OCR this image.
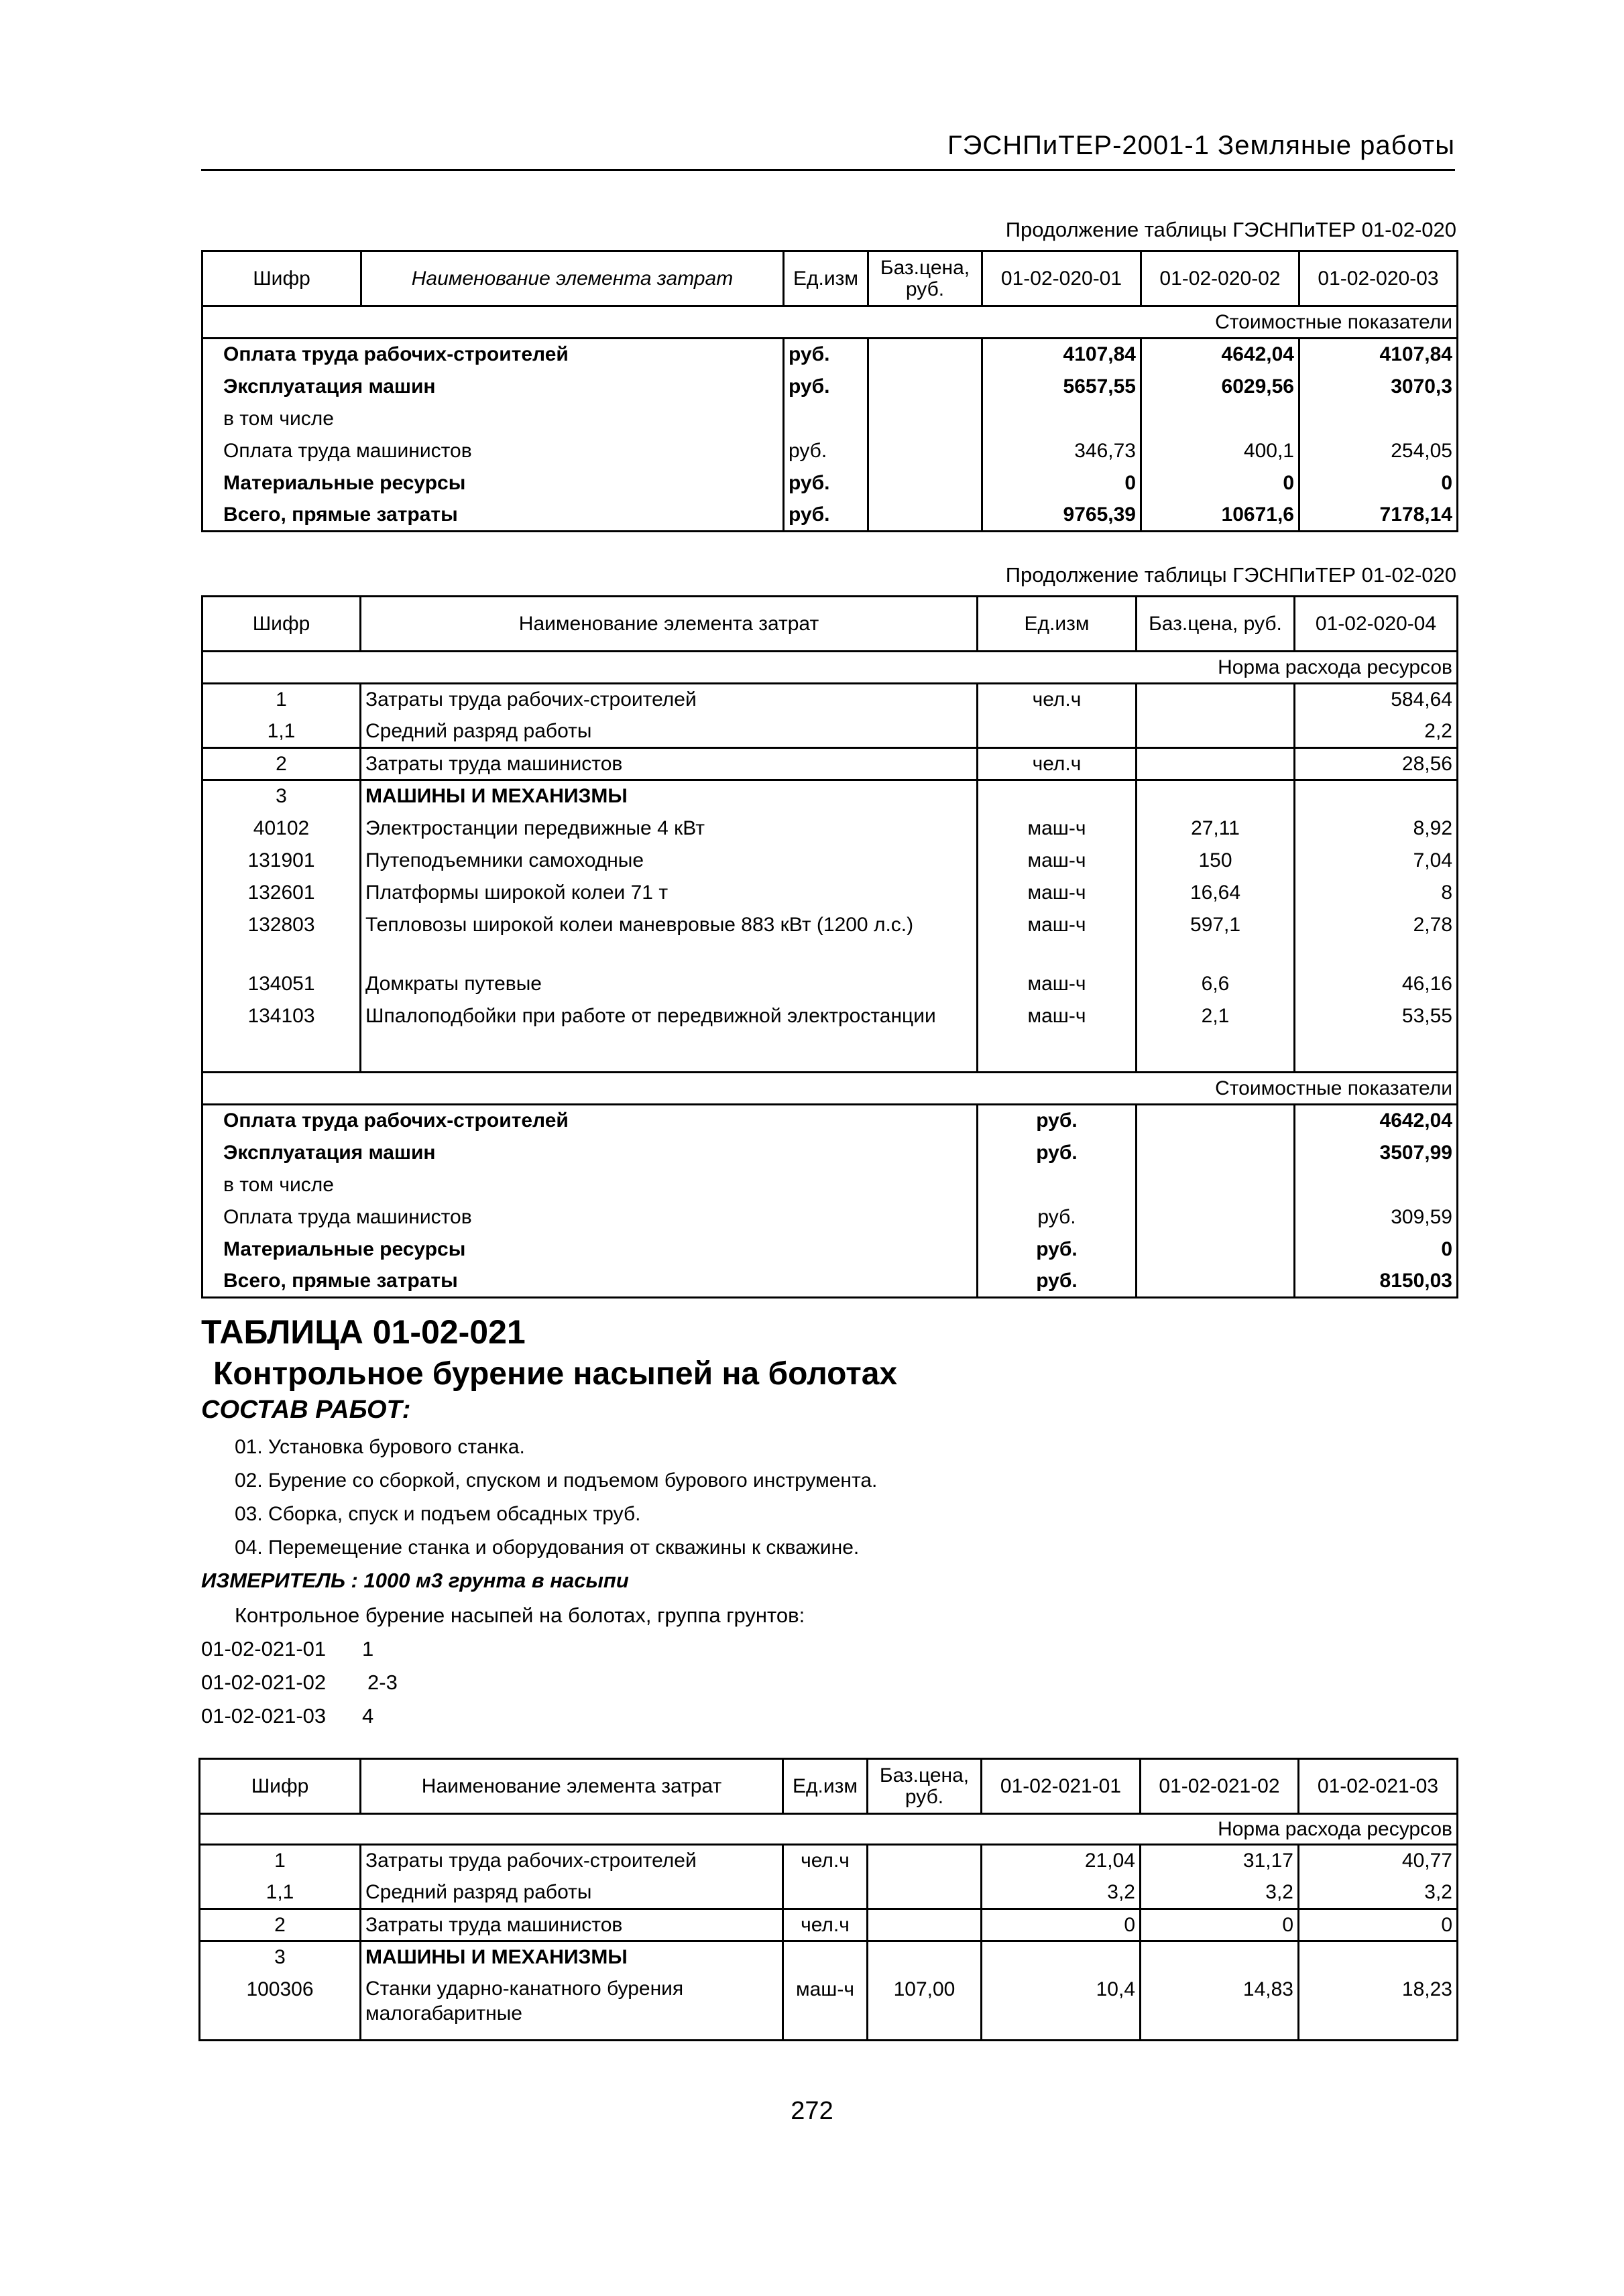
ГЭСНПиТЕР-2001-1 Земляные работы
Продолжение таблицы ГЭСНПиТЕР 01-02-020
Шифр	Наименование элемента затрат	Ед.изм	Баз.цена, руб.	01-02-020-01	01-02-020-02	01-02-020-03
Стоимостные показатели						
Оплата труда рабочих-строителей		руб.		4107,84	4642,04	4107,84
Эксплуатация машин		руб.		5657,55	6029,56	3070,3
в том числе						
Оплата труда машинистов		руб.		346,73	400,1	254,05
Материальные ресурсы		руб.		0	0	0
Всего, прямые затраты		руб.		9765,39	10671,6	7178,14
Продолжение таблицы ГЭСНПиТЕР 01-02-020
Шифр	Наименование элемента затрат	Ед.изм	Баз.цена, руб.	01-02-020-04
Норма расхода ресурсов				
1	Затраты труда рабочих-строителей	чел.ч		584,64
1,1	Средний разряд работы			2,2
2	Затраты труда машинистов	чел.ч		28,56
3	МАШИНЫ И МЕХАНИЗМЫ			
40102	Электростанции передвижные 4 кВт	маш-ч	27,11	8,92
131901	Путеподъемники самоходные	маш-ч	150	7,04
132601	Платформы широкой колеи 71 т	маш-ч	16,64	8
132803	Тепловозы широкой колеи маневровые 883 кВт (1200 л.с.)	маш-ч	597,1	2,78

134051	Домкраты путевые	маш-ч	6,6	46,16
134103	Шпалоподбойки при работе от передвижной электростанции	маш-ч	2,1	53,55

Стоимостные показатели				
Оплата труда рабочих-строителей		руб.		4642,04
Эксплуатация машин		руб.		3507,99
в том числе				
Оплата труда машинистов		руб.		309,59
Материальные ресурсы		руб.		0
Всего, прямые затраты		руб.		8150,03
ТАБЛИЦА 01-02-021
Контрольное бурение насыпей на болотах
СОСТАВ РАБОТ:
01. Установка бурового станка.
02. Бурение со сборкой, спуском и подъемом бурового инструмента.
03. Сборка, спуск и подъем обсадных труб.
04. Перемещение станка и оборудования от скважины к скважине.
ИЗМЕРИТЕЛЬ : 1000 м3 грунта в насыпи
Контрольное бурение насыпей на болотах, группа грунтов:
01-02-021-01 1
01-02-021-02 2-3
01-02-021-03 4
Шифр	Наименование элемента затрат	Ед.изм	Баз.цена, руб.	01-02-021-01	01-02-021-02	01-02-021-03
Норма расхода ресурсов						
1	Затраты труда рабочих-строителей	чел.ч		21,04	31,17	40,77
1,1	Средний разряд работы			3,2	3,2	3,2
2	Затраты труда машинистов	чел.ч		0	0	0
3	МАШИНЫ И МЕХАНИЗМЫ					
100306	Станки ударно-канатного бурения малогабаритные	маш-ч	107,00	10,4	14,83	18,23
272
